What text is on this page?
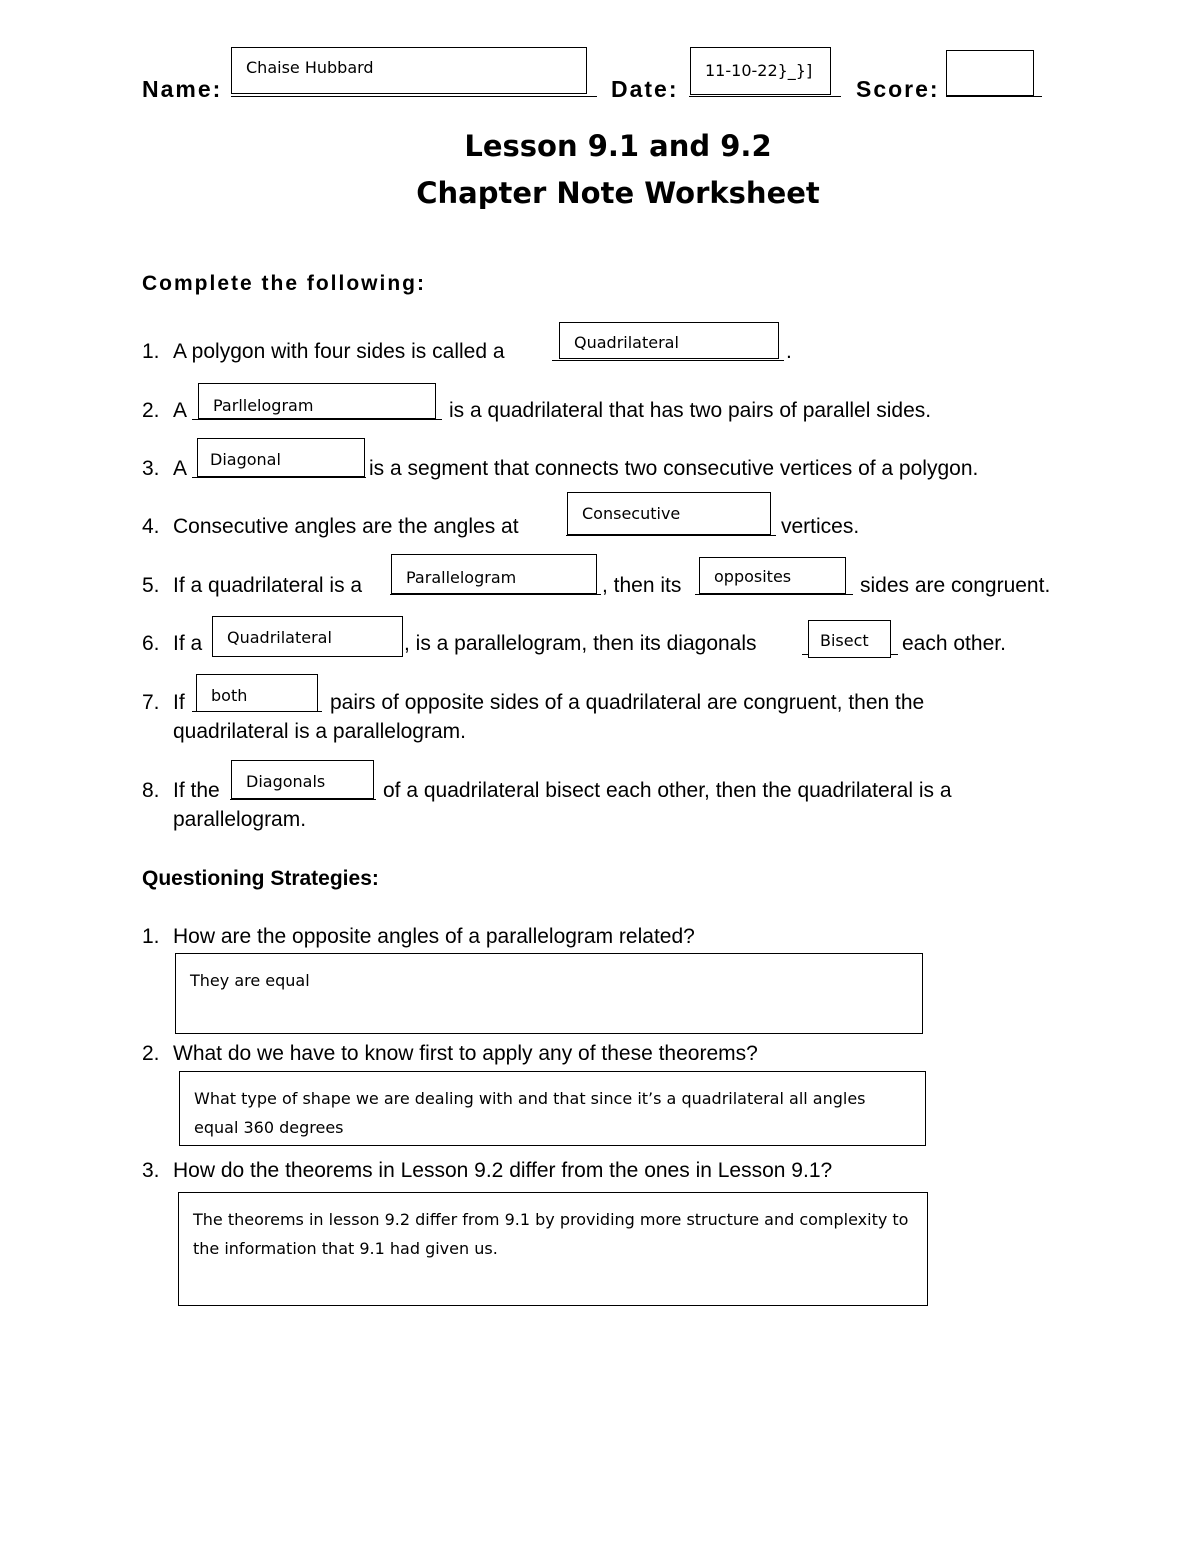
Name:
Chaise Hubbard
Date:
11-10-22}_}]
Score:
Lesson 9.1 and 9.2
Chapter Note Worksheet
Complete the following:
1. A polygon with four sides is called a	.
Quadrilateral
2. A	is a quadrilateral that has two pairs of parallel sides.
Parllelogram
3. A	is a segment that connects two consecutive vertices of a polygon.
Diagonal
4. Consecutive angles are the angles at	vertices.
Consecutive
5. If a quadrilateral is a	Parallelogram	, then its	opposites	sides are congruent.
6. If a	Quadrilateral	, is a parallelogram, then its diagonals	Bisect	each other.
7. If	both	pairs of opposite sides of a quadrilateral are congruent, then the
quadrilateral is a parallelogram.
8. If the	Diagonals	of a quadrilateral bisect each other, then the quadrilateral is a
parallelogram.
Questioning Strategies:
1. How are the opposite angles of a parallelogram related?
They are equal
2. What do we have to know first to apply any of these theorems?
What type of shape we are dealing with and that since it’s a quadrilateral all angles equal 360 degrees
3. How do the theorems in Lesson 9.2 differ from the ones in Lesson 9.1?
The theorems in lesson 9.2 differ from 9.1 by providing more structure and complexity to the information that 9.1 had given us.
